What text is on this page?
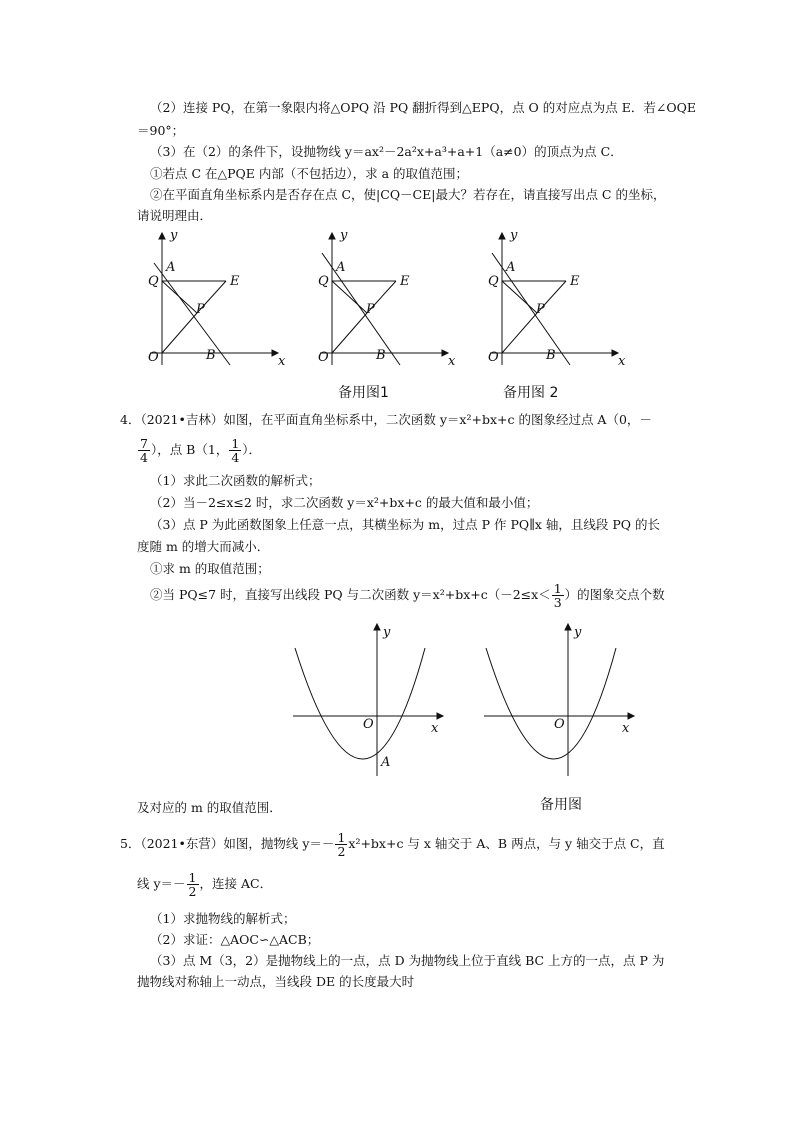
（2）连接 PQ，在第一象限内将△OPQ 沿 PQ 翻折得到△EPQ，点 O 的对应点为点 E．若∠OQE
＝90°；
（3）在（2）的条件下，设抛物线 y＝ax²－2a²x+a³+a+1（a≠0）的顶点为点 C．
①若点 C 在△PQE 内部（不包括边），求 a 的取值范围；
②在平面直角坐标系内是否存在点 C，使|CQ－CE|最大？若存在，请直接写出点 C 的坐标，
请说明理由．
y
x
O
A
Q	E
P
B
y
x
O
A
Q	E
P
B
y
x
O
A
Q	E
P
B
备用图1	备用图 2
4．（2021•吉林）如图，在平面直角坐标系中，二次函数 y＝x²+bx+c 的图象经过点 A（0，－
$\frac{7}{4}$ ），点 B（1， $\frac{1}{4}$ ）．
（1）求此二次函数的解析式；
（2）当－2≤x≤2 时，求二次函数 y＝x²+bx+c 的最大值和最小值；
（3）点 P 为此函数图象上任意一点，其横坐标为 m，过点 P 作 PQ∥x 轴，且线段 PQ 的长
度随 m 的增大而减小．
①求 m 的取值范围；
②当 PQ≤7 时，直接写出线段 PQ 与二次函数 $y=x^2+bx+c(-2\le x< \frac{1}{3}$ ）的图象交点个数
y
x
O
A
y
x
O
及对应的 m 的取值范围．	备用图
5．（2021•东营）如图，抛物线 $y=- \frac{1}{2} x^2+bx+c$ 与 x 轴交于 A、B 两点，与 y 轴交于点 C，直
线 $y=- \frac{1}{2}$ ，连接 AC．
（1）求抛物线的解析式；
（2）求证：△AOC∽△ACB；
（3）点 M（3，2）是抛物线上的一点，点 D 为抛物线上位于直线 BC 上方的一点，点 P 为
抛物线对称轴上一动点，当线段 DE 的长度最大时
